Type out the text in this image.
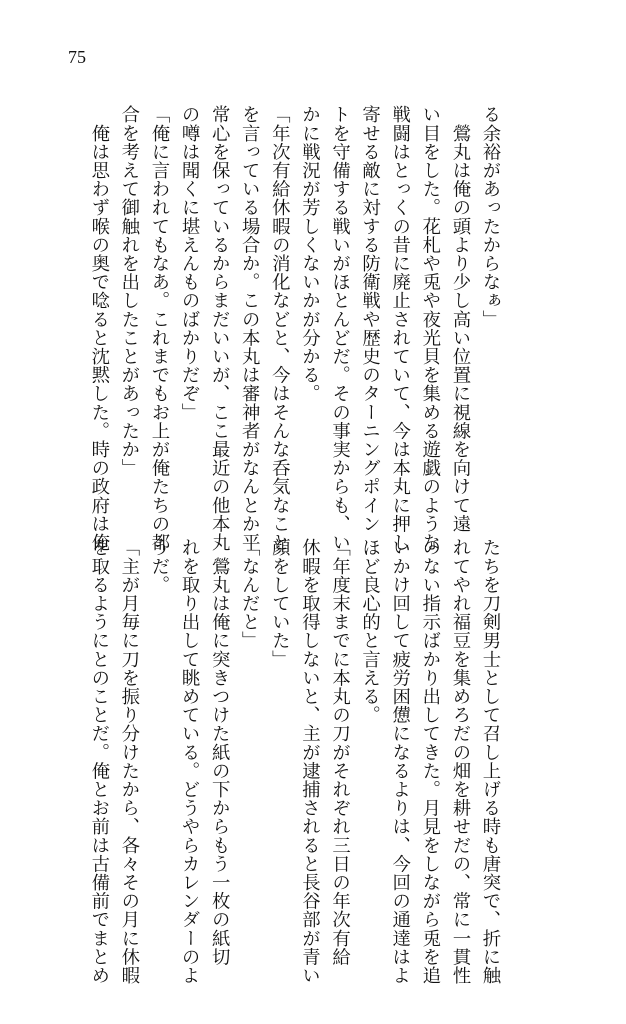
75
る余裕があったからなぁ」
　鶯丸は俺の頭より少し高い位置に視線を向けて遠
い目をした。花札や兎や夜光貝を集める遊戯のような
戦闘はとっくの昔に廃止されていて、今は本丸に押し
寄せる敵に対する防衛戦や歴史のターニングポイン
トを守備する戦いがほとんどだ。その事実からも、い
かに戦況が芳しくないかが分かる。
「年次有給休暇の消化などと、今はそんな呑気なこと
を言っている場合か。この本丸は審神者がなんとか平
常心を保っているからまだいいが、ここ最近の他本丸
の噂は聞くに堪えんものばかりだぞ」
「俺に言われてもなあ。これまでもお上が俺たちの都
合を考えて御触れを出したことがあったか」
　俺は思わず喉の奥で唸ると沈黙した。時の政府は俺
たちを刀剣男士として召し上げる時も唐突で、折に触
れてやれ福豆を集めろだの畑を耕せだの、常に一貫性
のない指示ばかり出してきた。月見をしながら兎を追
いかけ回して疲労困憊になるよりは、今回の通達はよ
ほど良心的と言える。
「年度末までに本丸の刀がそれぞれ三日の年次有給
休暇を取得しないと、主が逮捕されると長谷部が青い
顔をしていた」
「なんだと」
　鶯丸は俺に突きつけた紙の下からもう一枚の紙切
れを取り出して眺めている。どうやらカレンダーのよ
うだ。
「主が月毎に刀を振り分けたから、各々その月に休暇
を取るようにとのことだ。俺とお前は古備前でまとめ
